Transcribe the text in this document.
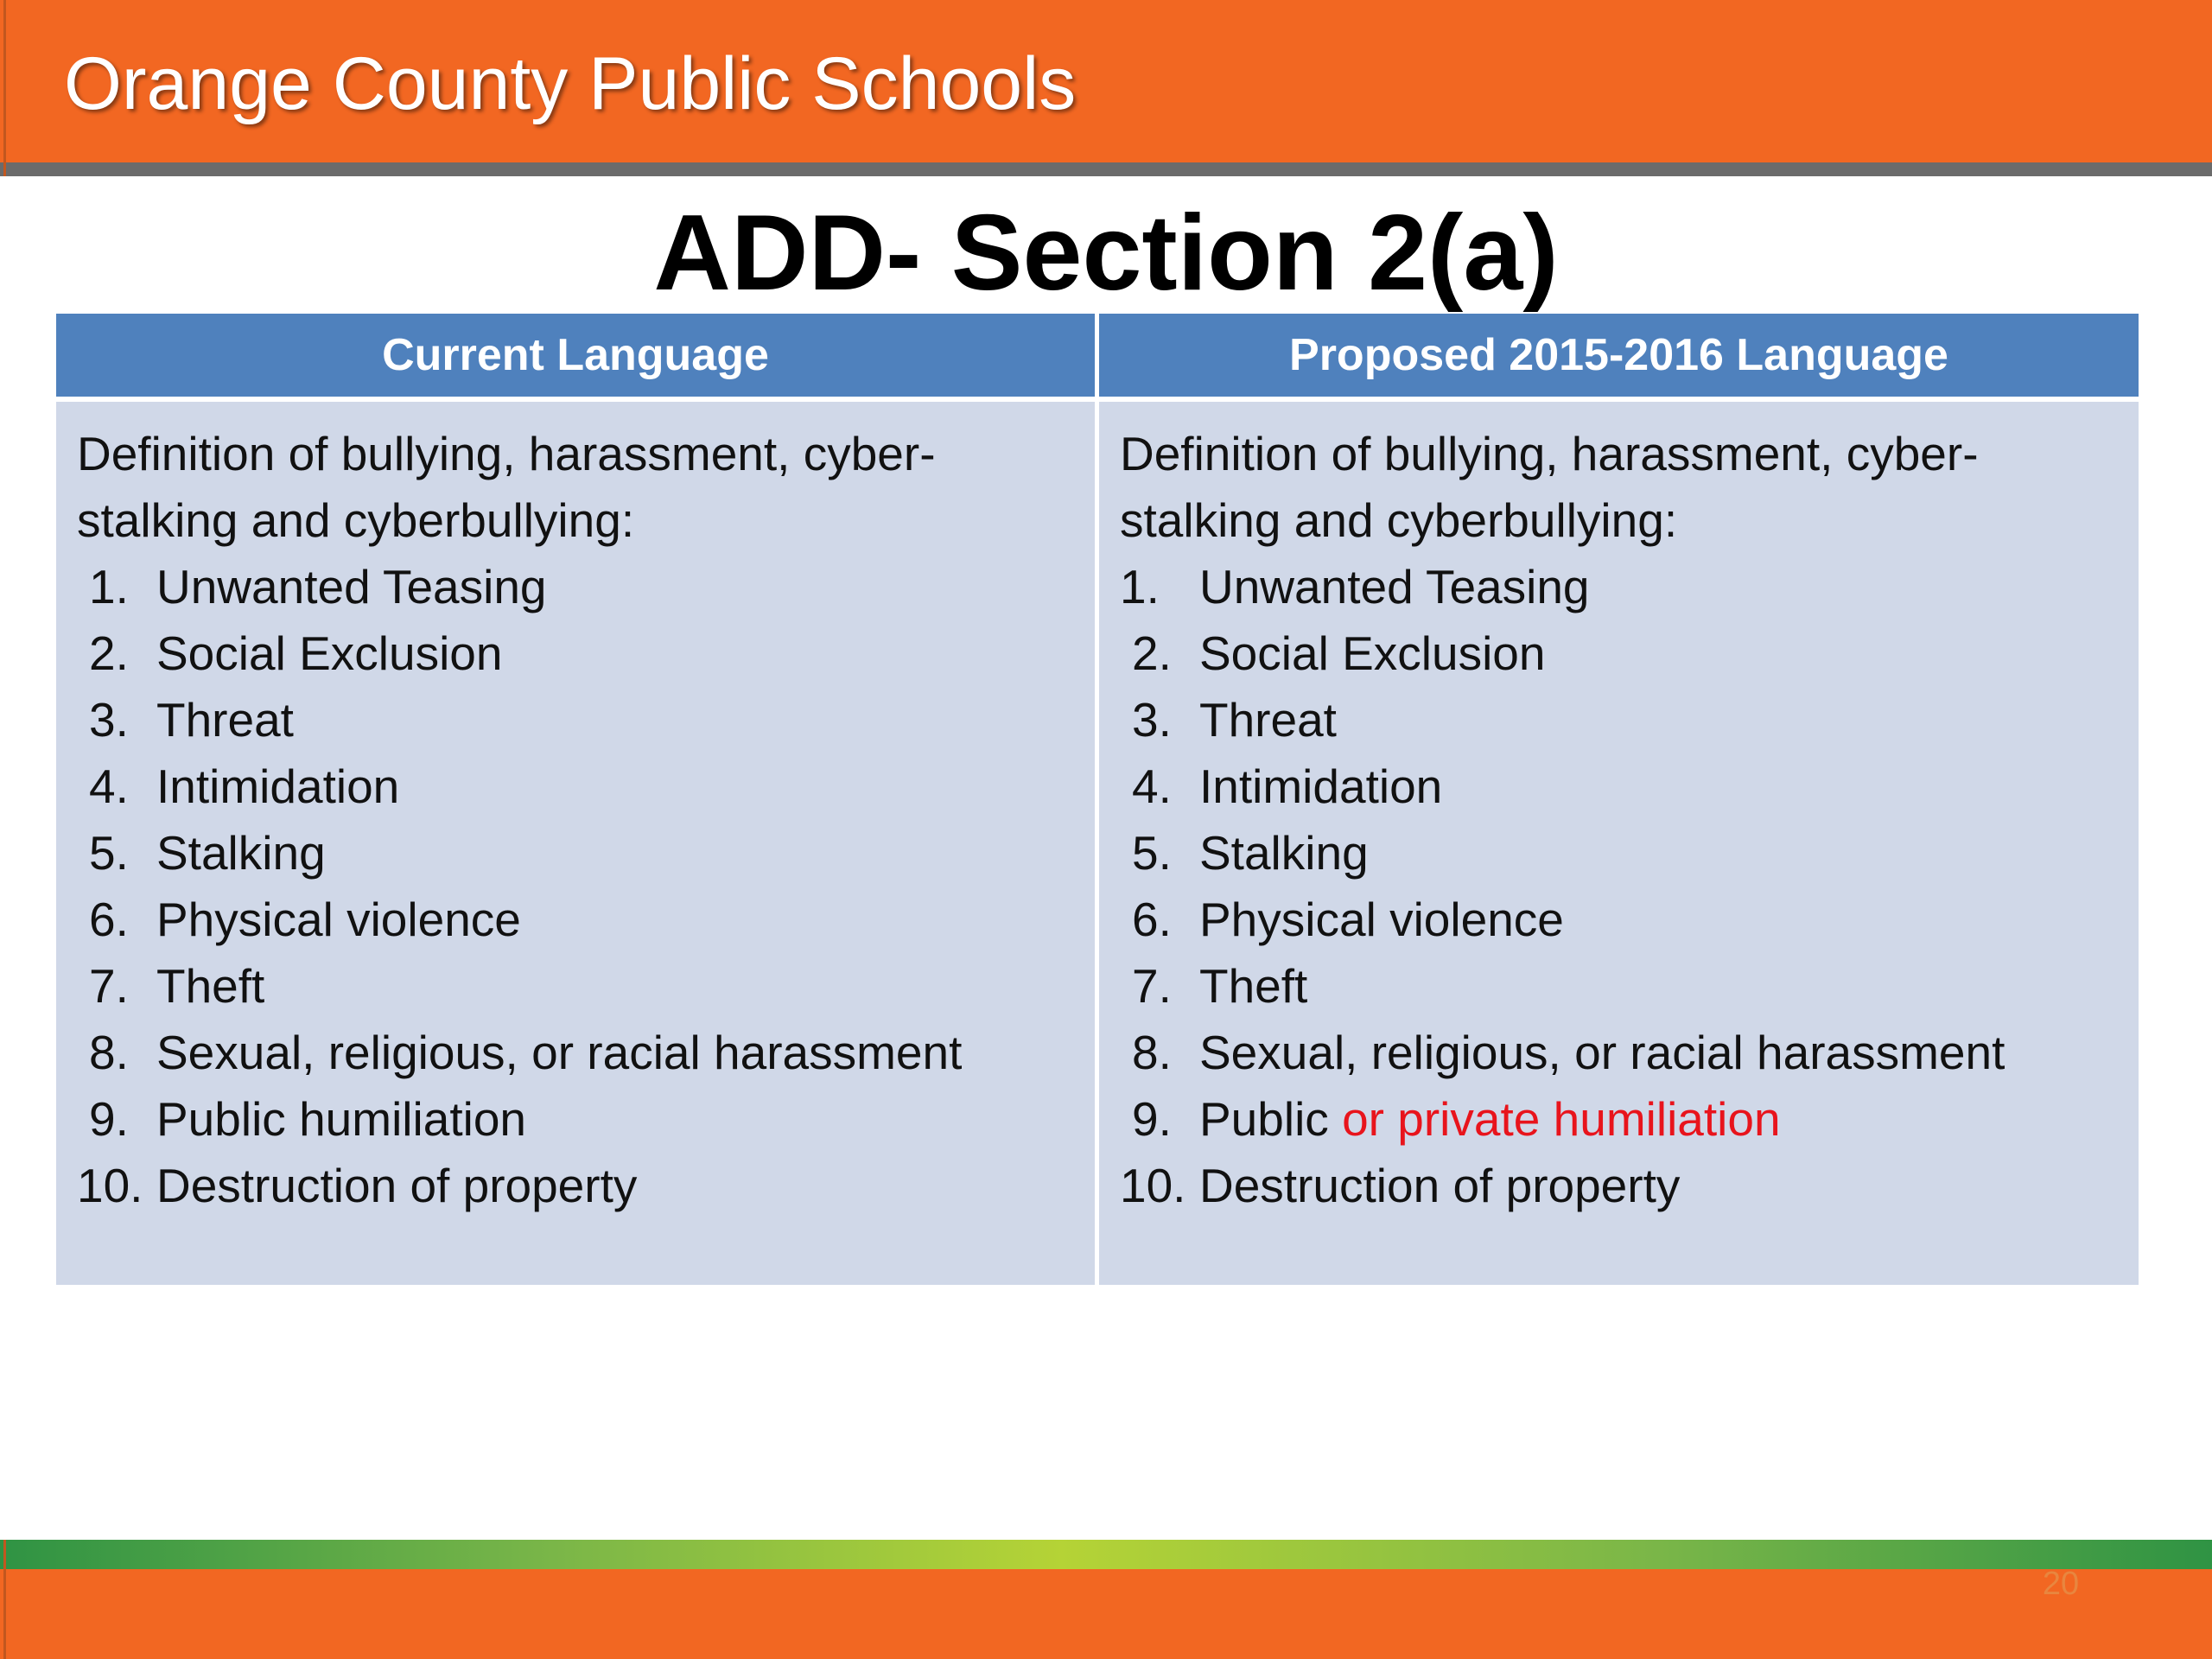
Orange County Public Schools
ADD- Section 2(a)
Current Language
Definition of bullying, harassment, cyber-stalking and cyberbullying:
1. Unwanted Teasing
2. Social Exclusion
3. Threat
4. Intimidation
5. Stalking
6. Physical violence
7. Theft
8. Sexual, religious, or racial harassment
9. Public humiliation
10. Destruction of property
Proposed 2015-2016 Language
Definition of bullying, harassment, cyber-stalking and cyberbullying:
1. Unwanted Teasing
2. Social Exclusion
3. Threat
4. Intimidation
5. Stalking
6. Physical violence
7. Theft
8. Sexual, religious, or racial harassment
9. Public or private humiliation
10. Destruction of property
20
